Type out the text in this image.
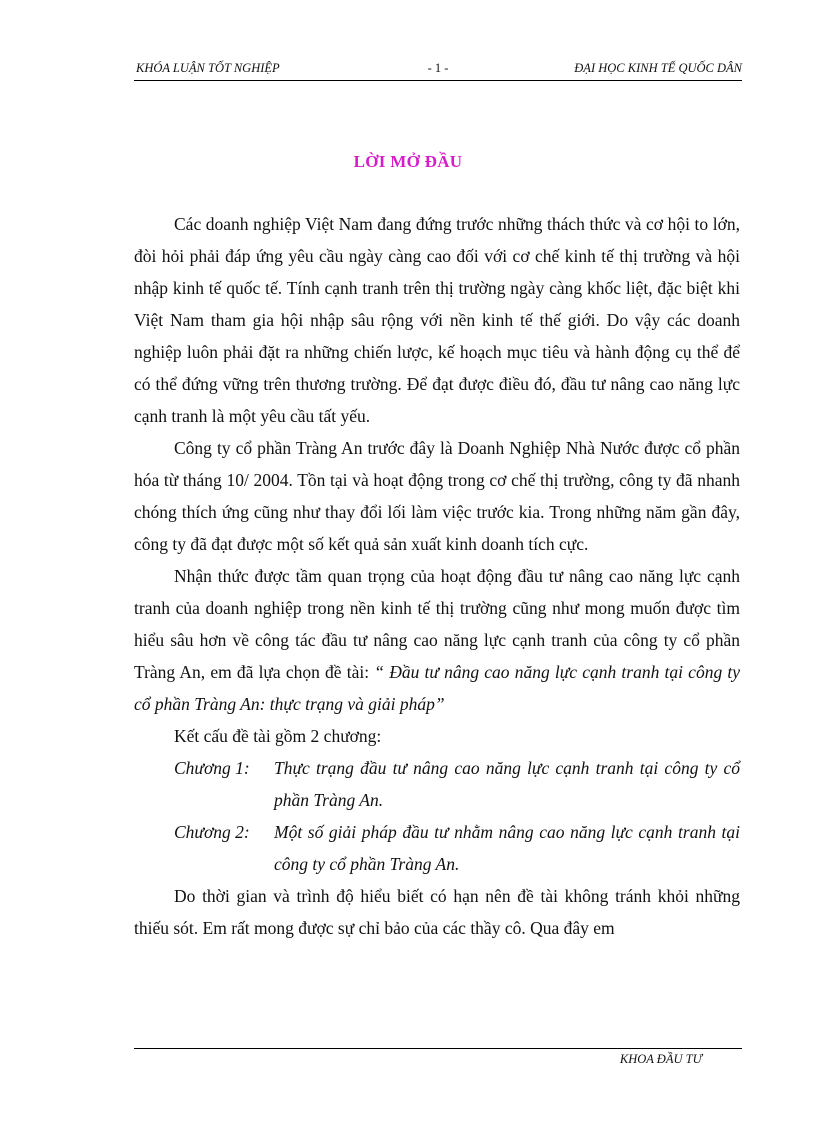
KHÓA LUẬN TỐT NGHIỆP	- 1 -	ĐẠI HỌC KINH TẾ QUỐC DÂN
LỜI MỞ ĐẦU

Các doanh nghiệp Việt Nam đang đứng trước những thách thức và cơ hội to lớn, đòi hỏi phải đáp ứng yêu cầu ngày càng cao đối với cơ chế kinh tế thị trường và hội nhập kinh tế quốc tế. Tính cạnh tranh trên thị trường ngày càng khốc liệt, đặc biệt khi Việt Nam tham gia hội nhập sâu rộng với nền kinh tế thế giới. Do vậy các doanh nghiệp luôn phải đặt ra những chiến lược, kế hoạch mục tiêu và hành động cụ thể để có thể đứng vững trên thương trường. Để đạt được điều đó, đầu tư nâng cao năng lực cạnh tranh là một yêu cầu tất yếu.

Công ty cổ phần Tràng An trước đây là Doanh Nghiệp Nhà Nước được cổ phần hóa từ tháng 10/ 2004. Tồn tại và hoạt động trong cơ chế thị trường, công ty đã nhanh chóng thích ứng cũng như thay đổi lối làm việc trước kia. Trong những năm gần đây, công ty đã đạt được một số kết quả sản xuất kinh doanh tích cực.

Nhận thức được tầm quan trọng của hoạt động đầu tư nâng cao năng lực cạnh tranh của doanh nghiệp trong nền kinh tế thị trường cũng như mong muốn được tìm hiểu sâu hơn về công tác đầu tư nâng cao năng lực cạnh tranh của công ty cổ phần Tràng An, em đã lựa chọn đề tài: “ Đầu tư nâng cao năng lực cạnh tranh tại công ty cổ phần Tràng An: thực trạng và giải pháp”

Kết cấu đề tài gồm 2 chương:

Chương 1:	Thực trạng đầu tư nâng cao năng lực cạnh tranh tại công ty cổ phần Tràng An.
Chương 2:	Một số giải pháp đầu tư nhằm nâng cao năng lực cạnh tranh tại công ty cổ phần Tràng An.

Do thời gian và trình độ hiểu biết có hạn nên đề tài không tránh khỏi những thiếu sót. Em rất mong được sự chỉ bảo của các thầy cô. Qua đây em

KHOA ĐẦU TƯ
